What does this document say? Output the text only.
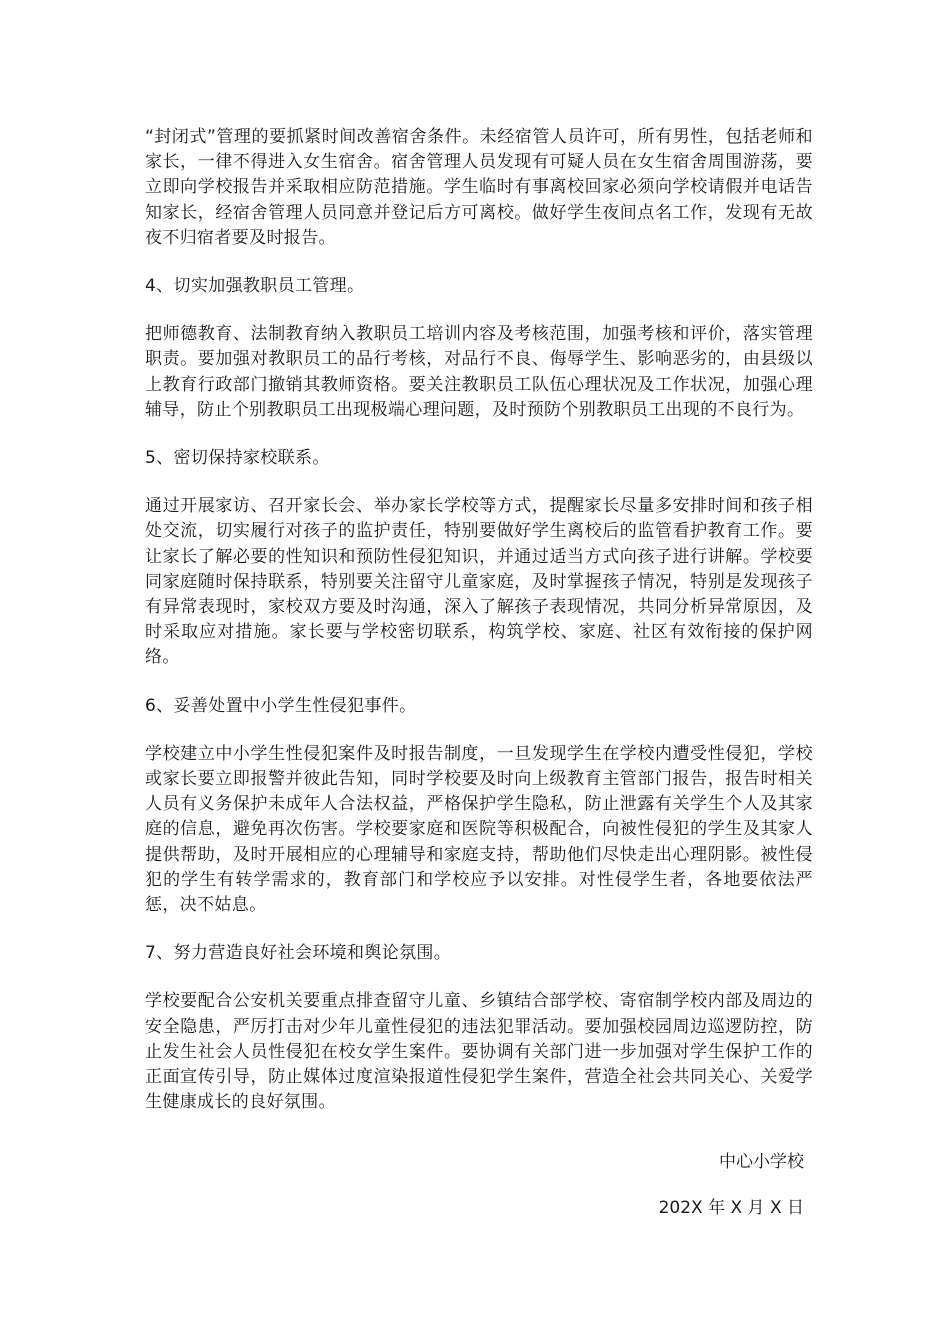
“封闭式”管理的要抓紧时间改善宿舍条件。未经宿管人员许可，所有男性，包括老师和家长，一律不得进入女生宿舍。宿舍管理人员发现有可疑人员在女生宿舍周围游荡，要立即向学校报告并采取相应防范措施。学生临时有事离校回家必须向学校请假并电话告知家长，经宿舍管理人员同意并登记后方可离校。做好学生夜间点名工作，发现有无故夜不归宿者要及时报告。

4、切实加强教职员工管理。

把师德教育、法制教育纳入教职员工培训内容及考核范围，加强考核和评价，落实管理职责。要加强对教职员工的品行考核，对品行不良、侮辱学生、影响恶劣的，由县级以上教育行政部门撤销其教师资格。要关注教职员工队伍心理状况及工作状况，加强心理辅导，防止个别教职员工出现极端心理问题，及时预防个别教职员工出现的不良行为。

5、密切保持家校联系。

通过开展家访、召开家长会、举办家长学校等方式，提醒家长尽量多安排时间和孩子相处交流，切实履行对孩子的监护责任，特别要做好学生离校后的监管看护教育工作。要让家长了解必要的性知识和预防性侵犯知识，并通过适当方式向孩子进行讲解。学校要同家庭随时保持联系，特别要关注留守儿童家庭，及时掌握孩子情况，特别是发现孩子有异常表现时，家校双方要及时沟通，深入了解孩子表现情况，共同分析异常原因，及时采取应对措施。家长要与学校密切联系，构筑学校、家庭、社区有效衔接的保护网络。

6、妥善处置中小学生性侵犯事件。

学校建立中小学生性侵犯案件及时报告制度，一旦发现学生在学校内遭受性侵犯，学校或家长要立即报警并彼此告知，同时学校要及时向上级教育主管部门报告，报告时相关人员有义务保护未成年人合法权益，严格保护学生隐私，防止泄露有关学生个人及其家庭的信息，避免再次伤害。学校要家庭和医院等积极配合，向被性侵犯的学生及其家人提供帮助，及时开展相应的心理辅导和家庭支持，帮助他们尽快走出心理阴影。被性侵犯的学生有转学需求的，教育部门和学校应予以安排。对性侵学生者，各地要依法严惩，决不姑息。

7、努力营造良好社会环境和舆论氛围。

学校要配合公安机关要重点排查留守儿童、乡镇结合部学校、寄宿制学校内部及周边的安全隐患，严厉打击对少年儿童性侵犯的违法犯罪活动。要加强校园周边巡逻防控，防止发生社会人员性侵犯在校女学生案件。要协调有关部门进一步加强对学生保护工作的正面宣传引导，防止媒体过度渲染报道性侵犯学生案件，营造全社会共同关心、关爱学生健康成长的良好氛围。

中心小学校
202X 年 X 月 X 日
